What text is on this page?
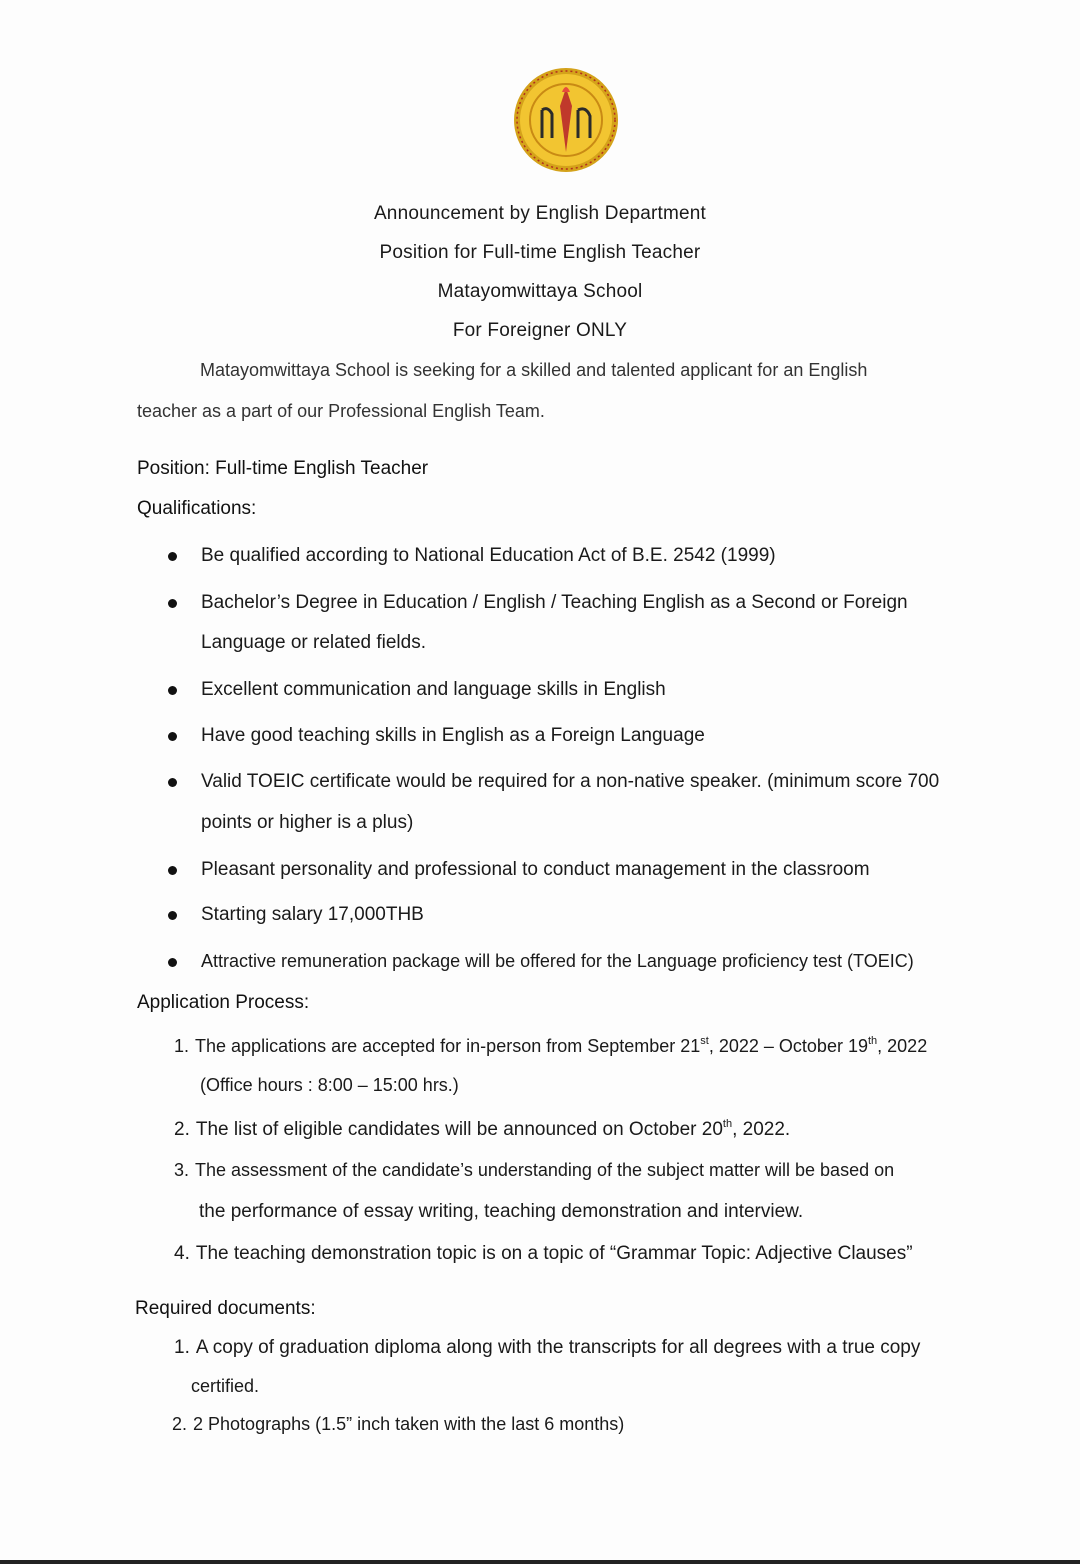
Announcement by English Department
Position for Full-time English Teacher
Matayomwittaya School
For Foreigner ONLY
Matayomwittaya School is seeking for a skilled and talented applicant for an English
teacher as a part of our Professional English Team.
Position: Full-time English Teacher
Qualifications:
Be qualified according to National Education Act of B.E. 2542 (1999)
Bachelor’s Degree in Education / English / Teaching English as a Second or Foreign
Language or related fields.
Excellent communication and language skills in English
Have good teaching skills in English as a Foreign Language
Valid TOEIC certificate would be required for a non-native speaker. (minimum score 700
points or higher is a plus)
Pleasant personality and professional to conduct management in the classroom
Starting salary 17,000THB
Attractive remuneration package will be offered for the Language proficiency test (TOEIC)
Application Process:
1. The applications are accepted for in-person from September 21st, 2022 – October 19th, 2022
(Office hours : 8:00 – 15:00 hrs.)
2. The list of eligible candidates will be announced on October 20th, 2022.
3. The assessment of the candidate’s understanding of the subject matter will be based on
the performance of essay writing, teaching demonstration and interview.
4. The teaching demonstration topic is on a topic of “Grammar Topic: Adjective Clauses”
Required documents:
1. A copy of graduation diploma along with the transcripts for all degrees with a true copy
certified.
2. 2 Photographs (1.5” inch taken with the last 6 months)
